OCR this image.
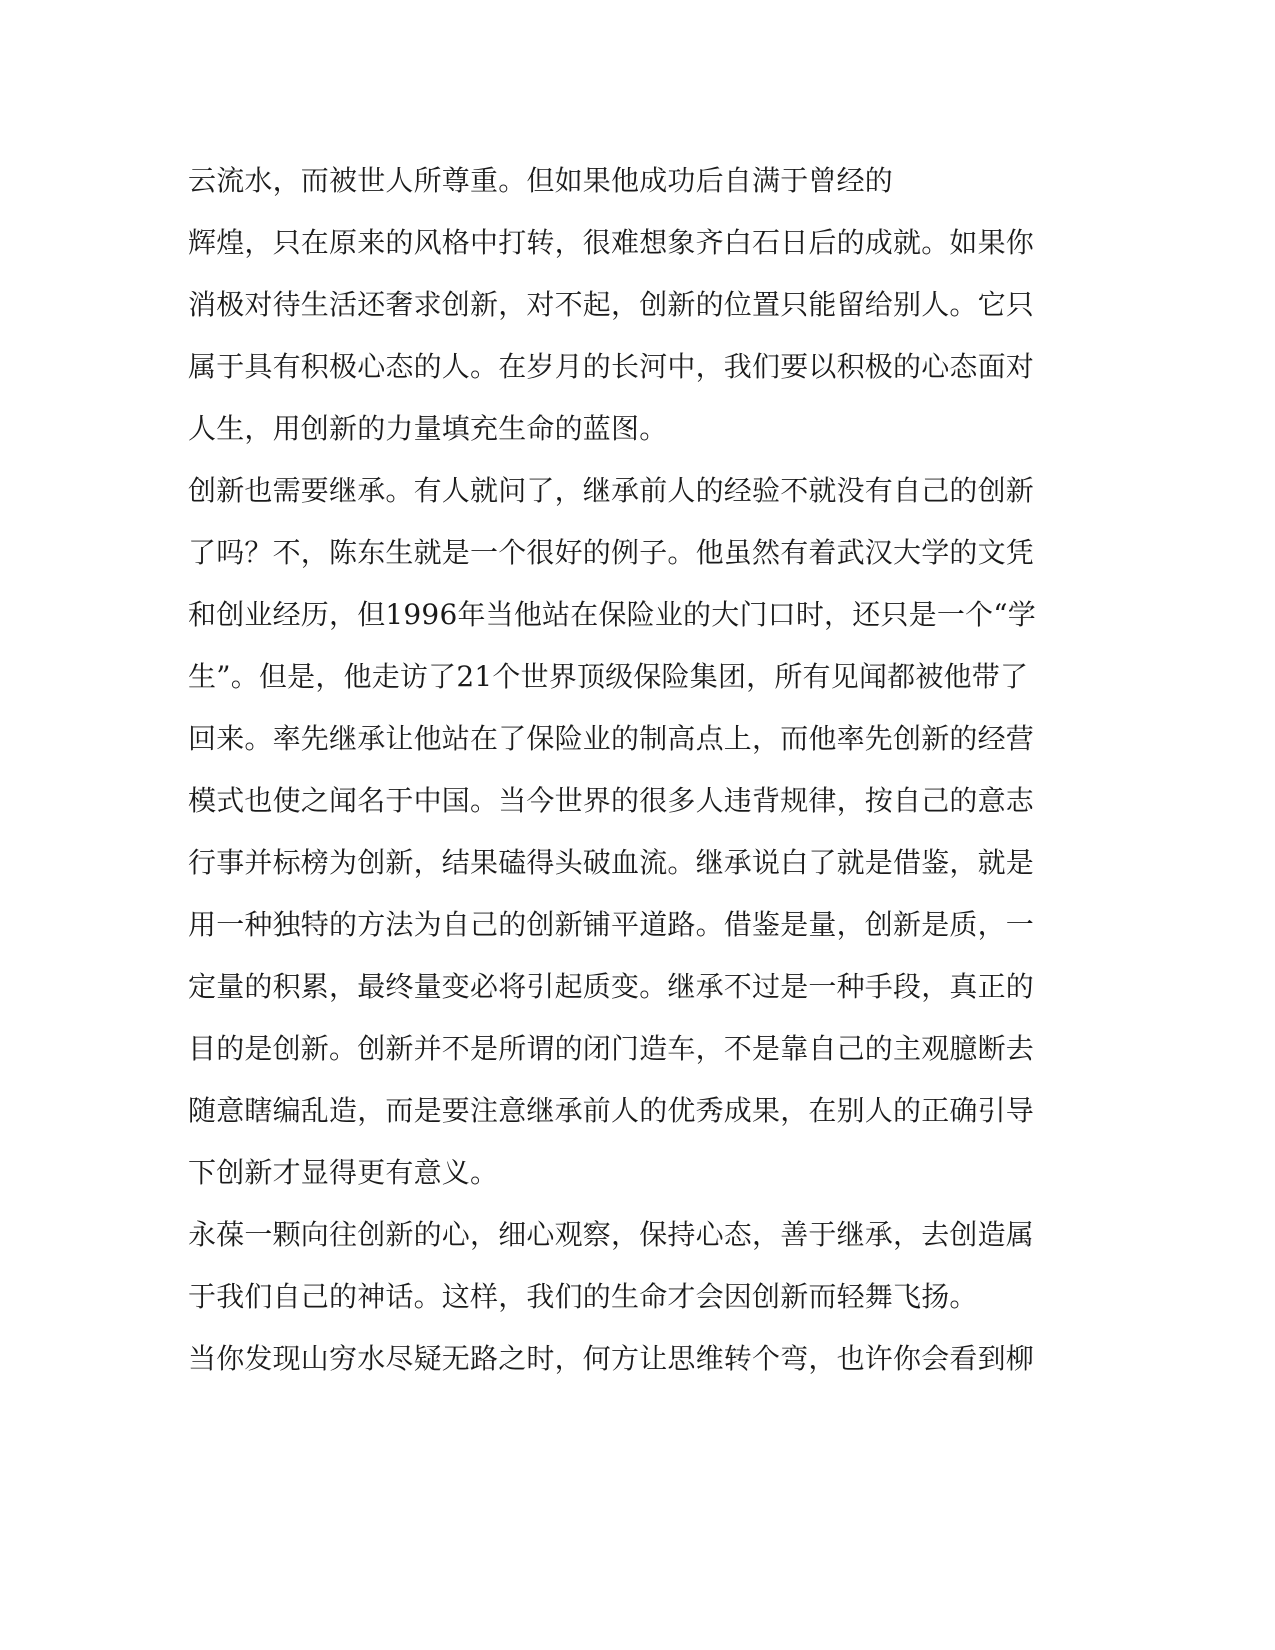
云流水，而被世人所尊重。但如果他成功后自满于曾经的
辉煌，只在原来的风格中打转，很难想象齐白石日后的成就。如果你
消极对待生活还奢求创新，对不起，创新的位置只能留给别人。它只
属于具有积极心态的人。在岁月的长河中，我们要以积极的心态面对
人生，用创新的力量填充生命的蓝图。
创新也需要继承。有人就问了，继承前人的经验不就没有自己的创新
了吗？不，陈东生就是一个很好的例子。他虽然有着武汉大学的文凭
和创业经历，但1996年当他站在保险业的大门口时，还只是一个“学
生”。但是，他走访了21个世界顶级保险集团，所有见闻都被他带了
回来。率先继承让他站在了保险业的制高点上，而他率先创新的经营
模式也使之闻名于中国。当今世界的很多人违背规律，按自己的意志
行事并标榜为创新，结果磕得头破血流。继承说白了就是借鉴，就是
用一种独特的方法为自己的创新铺平道路。借鉴是量，创新是质，一
定量的积累，最终量变必将引起质变。继承不过是一种手段，真正的
目的是创新。创新并不是所谓的闭门造车，不是靠自己的主观臆断去
随意瞎编乱造，而是要注意继承前人的优秀成果，在别人的正确引导
下创新才显得更有意义。
永葆一颗向往创新的心，细心观察，保持心态，善于继承，去创造属
于我们自己的神话。这样，我们的生命才会因创新而轻舞飞扬。
当你发现山穷水尽疑无路之时，何方让思维转个弯，也许你会看到柳
